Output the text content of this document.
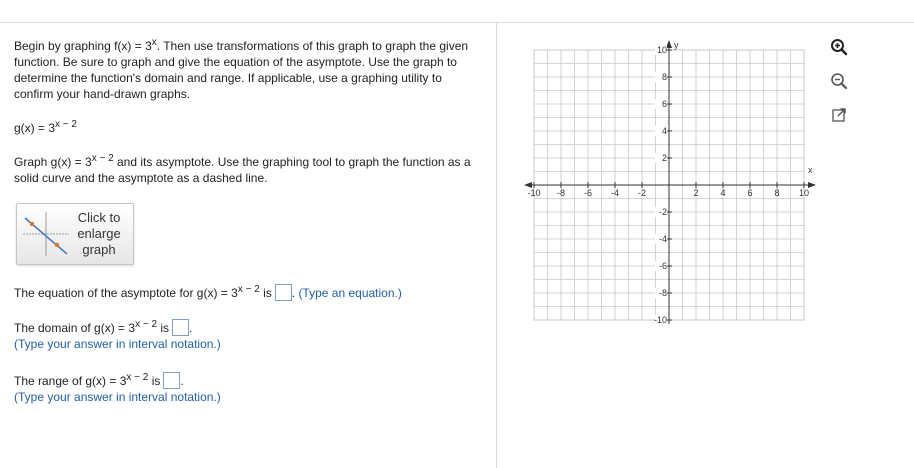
Begin by graphing $f(x) = 3^x$. Then use transformations of this graph to graph the given function. Be sure to graph and give the equation of the asymptote. Use the graph to determine the function's domain and range. If applicable, use a graphing utility to confirm your hand-drawn graphs.

$g(x) = 3^{x - 2}$

Graph $g(x) = 3^{x - 2}$ and its asymptote. Use the graphing tool to graph the function as a solid curve and the asymptote as a dashed line.

Click to enlarge graph

The equation of the asymptote for $g(x) = 3^{x - 2}$ is . (Type an equation.)

The domain of $g(x) = 3^{x - 2}$ is .
(Type your answer in interval notation.)

The range of $g(x) = 3^{x - 2}$ is .
(Type your answer in interval notation.)

x
y
-10 -8 -6 -4 -2	2 4 6 8 10
10
8
6
4
2
-2
-4
-6
-8
-10
